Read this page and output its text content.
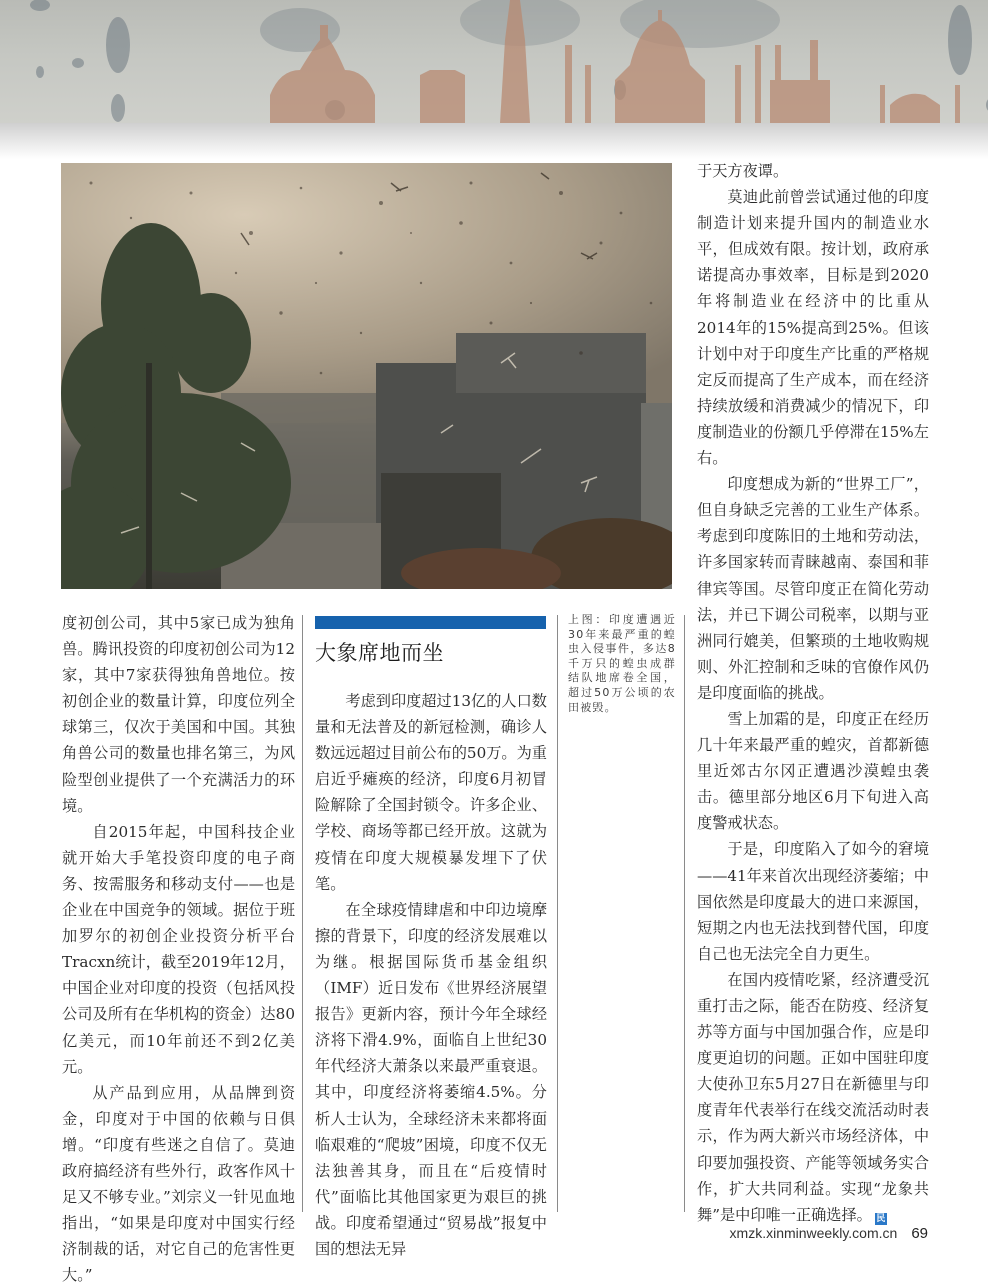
度初创公司，其中5家已成为独角兽。腾讯投资的印度初创公司为12家，其中7家获得独角兽地位。按初创企业的数量计算，印度位列全球第三，仅次于美国和中国。其独角兽公司的数量也排名第三，为风险型创业提供了一个充满活力的环境。

自2015年起，中国科技企业就开始大手笔投资印度的电子商务、按需服务和移动支付——也是企业在中国竞争的领域。据位于班加罗尔的初创企业投资分析平台Tracxn统计，截至2019年12月，中国企业对印度的投资（包括风投公司及所有在华机构的资金）达80亿美元，而10年前还不到2亿美元。

从产品到应用，从品牌到资金，印度对于中国的依赖与日俱增。“印度有些迷之自信了。莫迪政府搞经济有些外行，政客作风十足又不够专业。”刘宗义一针见血地指出，“如果是印度对中国实行经济制裁的话，对它自己的危害性更大。”

大象席地而坐

考虑到印度超过13亿的人口数量和无法普及的新冠检测，确诊人数远远超过目前公布的50万。为重启近乎瘫痪的经济，印度6月初冒险解除了全国封锁令。许多企业、学校、商场等都已经开放。这就为疫情在印度大规模暴发埋下了伏笔。

在全球疫情肆虐和中印边境摩擦的背景下，印度的经济发展难以为继。根据国际货币基金组织（IMF）近日发布《世界经济展望报告》更新内容，预计今年全球经济将下滑4.9%，面临自上世纪30年代经济大萧条以来最严重衰退。其中，印度经济将萎缩4.5%。分析人士认为，全球经济未来都将面临艰难的“爬坡”困境，印度不仅无法独善其身，而且在“后疫情时代”面临比其他国家更为艰巨的挑战。印度希望通过“贸易战”报复中国的想法无异

上图：印度遭遇近30年来最严重的蝗虫入侵事件，多达8千万只的蝗虫成群结队地席卷全国，超过50万公顷的农田被毁。

于天方夜谭。

莫迪此前曾尝试通过他的印度制造计划来提升国内的制造业水平，但成效有限。按计划，政府承诺提高办事效率，目标是到2020年将制造业在经济中的比重从2014年的15%提高到25%。但该计划中对于印度生产比重的严格规定反而提高了生产成本，而在经济持续放缓和消费减少的情况下，印度制造业的份额几乎停滞在15%左右。

印度想成为新的“世界工厂”，但自身缺乏完善的工业生产体系。考虑到印度陈旧的土地和劳动法，许多国家转而青睐越南、泰国和菲律宾等国。尽管印度正在简化劳动法，并已下调公司税率，以期与亚洲同行媲美，但繁琐的土地收购规则、外汇控制和乏味的官僚作风仍是印度面临的挑战。

雪上加霜的是，印度正在经历几十年来最严重的蝗灾，首都新德里近郊古尔冈正遭遇沙漠蝗虫袭击。德里部分地区6月下旬进入高度警戒状态。

于是，印度陷入了如今的窘境——41年来首次出现经济萎缩；中国依然是印度最大的进口来源国，短期之内也无法找到替代国，印度自己也无法完全自力更生。

在国内疫情吃紧，经济遭受沉重打击之际，能否在防疫、经济复苏等方面与中国加强合作，应是印度更迫切的问题。正如中国驻印度大使孙卫东5月27日在新德里与印度青年代表举行在线交流活动时表示，作为两大新兴市场经济体，中印要加强投资、产能等领域务实合作，扩大共同利益。实现“龙象共舞”是中印唯一正确选择。 民

xmzk.xinminweekly.com.cn 69
